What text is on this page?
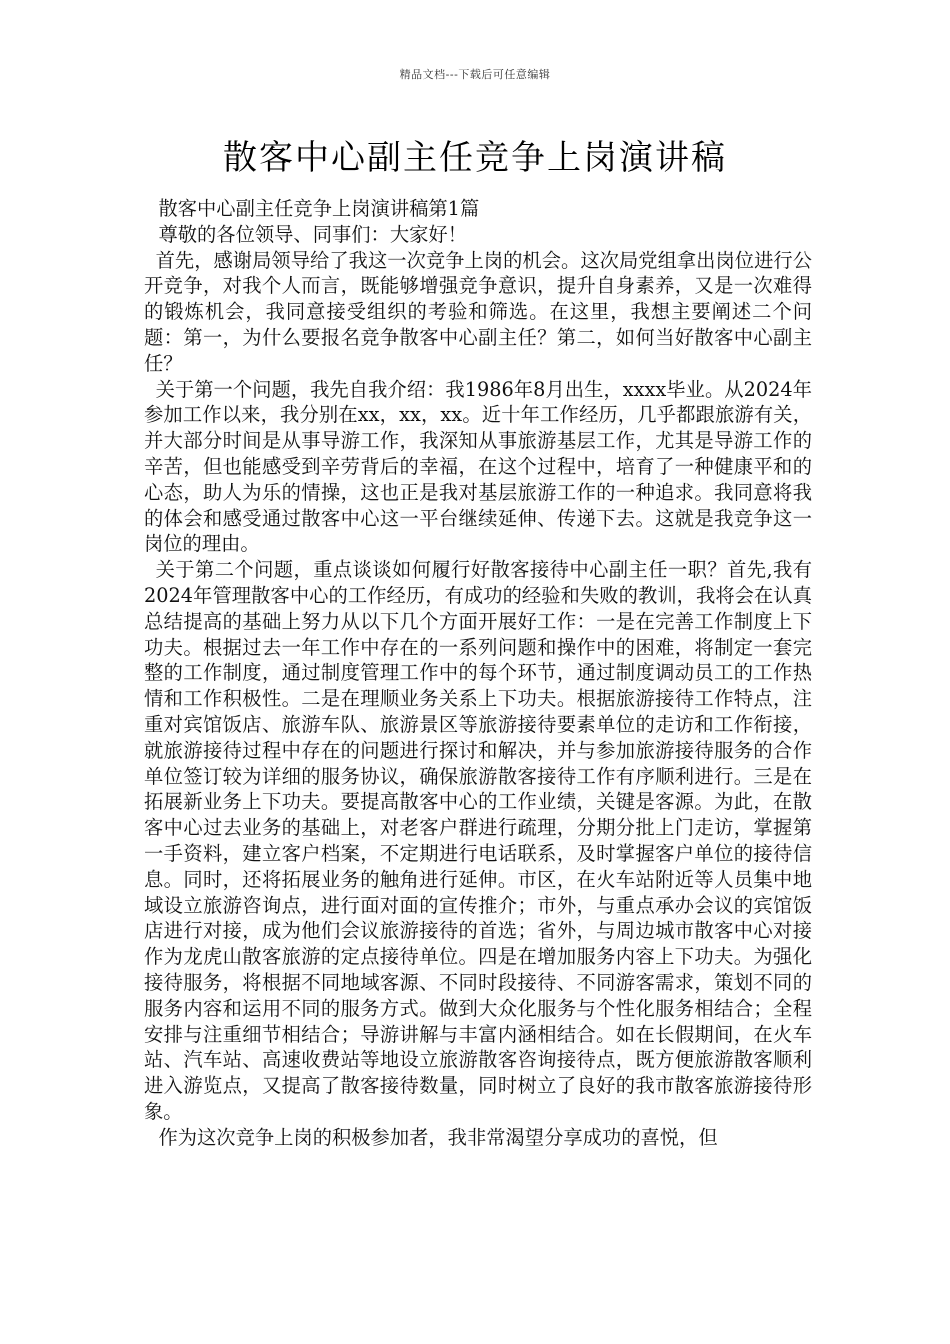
精品文档---下载后可任意编辑
散客中心副主任竞争上岗演讲稿

散客中心副主任竞争上岗演讲稿第1篇

尊敬的各位领导、同事们：大家好！

首先，感谢局领导给了我这一次竞争上岗的机会。这次局党组拿出岗位进行公开竞争，对我个人而言，既能够增强竞争意识，提升自身素养，又是一次难得的锻炼机会，我同意接受组织的考验和筛选。在这里，我想主要阐述二个问题：第一，为什么要报名竞争散客中心副主任？第二，如何当好散客中心副主任？

关于第一个问题，我先自我介绍：我1986年8月出生，xxxx毕业。从2024年参加工作以来，我分别在xx，xx，xx。近十年工作经历，几乎都跟旅游有关，并大部分时间是从事导游工作，我深知从事旅游基层工作，尤其是导游工作的辛苦，但也能感受到辛劳背后的幸福，在这个过程中，培育了一种健康平和的心态，助人为乐的情操，这也正是我对基层旅游工作的一种追求。我同意将我的体会和感受通过散客中心这一平台继续延伸、传递下去。这就是我竞争这一岗位的理由。

关于第二个问题，重点谈谈如何履行好散客接待中心副主任一职？首先,我有2024年管理散客中心的工作经历，有成功的经验和失败的教训，我将会在认真总结提高的基础上努力从以下几个方面开展好工作：一是在完善工作制度上下功夫。根据过去一年工作中存在的一系列问题和操作中的困难，将制定一套完整的工作制度，通过制度管理工作中的每个环节，通过制度调动员工的工作热情和工作积极性。二是在理顺业务关系上下功夫。根据旅游接待工作特点，注重对宾馆饭店、旅游车队、旅游景区等旅游接待要素单位的走访和工作衔接，就旅游接待过程中存在的问题进行探讨和解决，并与参加旅游接待服务的合作单位签订较为详细的服务协议，确保旅游散客接待工作有序顺利进行。三是在拓展新业务上下功夫。要提高散客中心的工作业绩，关键是客源。为此，在散客中心过去业务的基础上，对老客户群进行疏理，分期分批上门走访，掌握第一手资料，建立客户档案，不定期进行电话联系，及时掌握客户单位的接待信息。同时，还将拓展业务的触角进行延伸。市区，在火车站附近等人员集中地域设立旅游咨询点，进行面对面的宣传推介；市外，与重点承办会议的宾馆饭店进行对接，成为他们会议旅游接待的首选；省外，与周边城市散客中心对接作为龙虎山散客旅游的定点接待单位。四是在增加服务内容上下功夫。为强化接待服务，将根据不同地域客源、不同时段接待、不同游客需求，策划不同的服务内容和运用不同的服务方式。做到大众化服务与个性化服务相结合；全程安排与注重细节相结合；导游讲解与丰富内涵相结合。如在长假期间，在火车站、汽车站、高速收费站等地设立旅游散客咨询接待点，既方便旅游散客顺利进入游览点，又提高了散客接待数量，同时树立了良好的我市散客旅游接待形象。

作为这次竞争上岗的积极参加者，我非常渴望分享成功的喜悦，但
